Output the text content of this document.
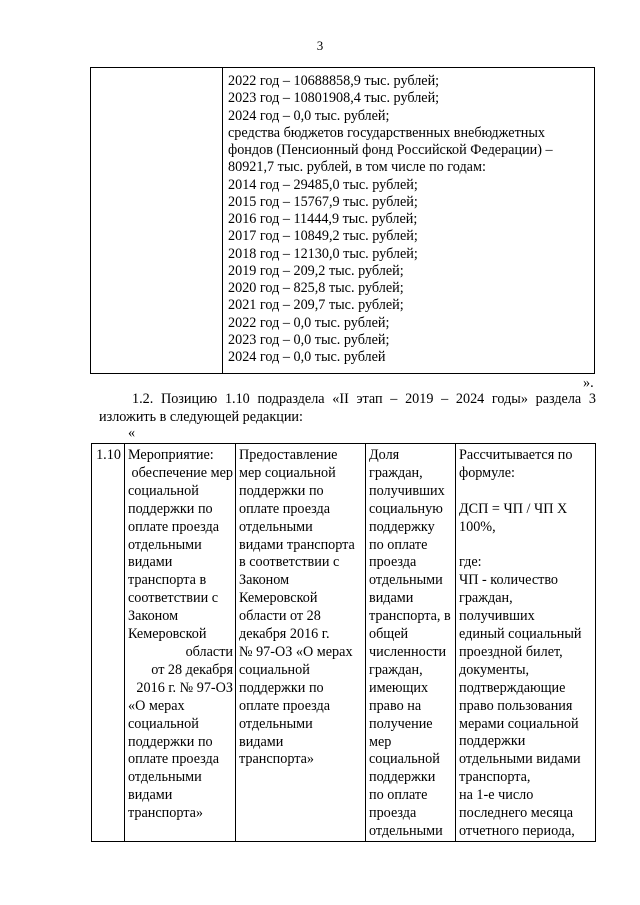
3

2022 год – 10688858,9 тыс. рублей;
2023 год – 10801908,4 тыс. рублей;
2024 год – 0,0 тыс. рублей;
средства бюджетов государственных внебюджетных
фондов (Пенсионный фонд Российской Федерации) –
80921,7 тыс. рублей, в том числе по годам:
2014 год – 29485,0 тыс. рублей;
2015 год – 15767,9 тыс. рублей;
2016 год – 11444,9 тыс. рублей;
2017 год – 10849,2 тыс. рублей;
2018 год – 12130,0 тыс. рублей;
2019 год – 209,2 тыс. рублей;
2020 год – 825,8 тыс. рублей;
2021 год – 209,7 тыс. рублей;
2022 год – 0,0 тыс. рублей;
2023 год – 0,0 тыс. рублей;
2024 год – 0,0 тыс. рублей
».
1.2. Позицию 1.10 подраздела «II этап – 2019 – 2024 годы» раздела 3
изложить в следующей редакции:
«
1.10	Мероприятие:
обеспечение мер
социальной
поддержки по
оплате проезда
отдельными
видами
транспорта в
соответствии с
Законом
Кемеровской
области
от 28 декабря
2016 г. № 97-ОЗ
«О мерах
социальной
поддержки по
оплате проезда
отдельными
видами
транспорта»

Предоставление
мер социальной
поддержки по
оплате проезда
отдельными
видами транспорта
в соответствии с
Законом
Кемеровской
области от 28
декабря 2016 г.
№ 97-ОЗ «О мерах
социальной
поддержки по
оплате проезда
отдельными
видами
транспорта»

Доля
граждан,
получивших
социальную
поддержку
по оплате
проезда
отдельными
видами
транспорта, в
общей
численности
граждан,
имеющих
право на
получение
мер
социальной
поддержки
по оплате
проезда
отдельными

Рассчитывается по
формуле:
ДСП = ЧП / ЧП Х
100%,
где:
ЧП - количество
граждан,
получивших
единый социальный
проездной билет,
документы,
подтверждающие
право пользования
мерами социальной
поддержки
отдельными видами
транспорта,
на 1-е число
последнего месяца
отчетного периода,
